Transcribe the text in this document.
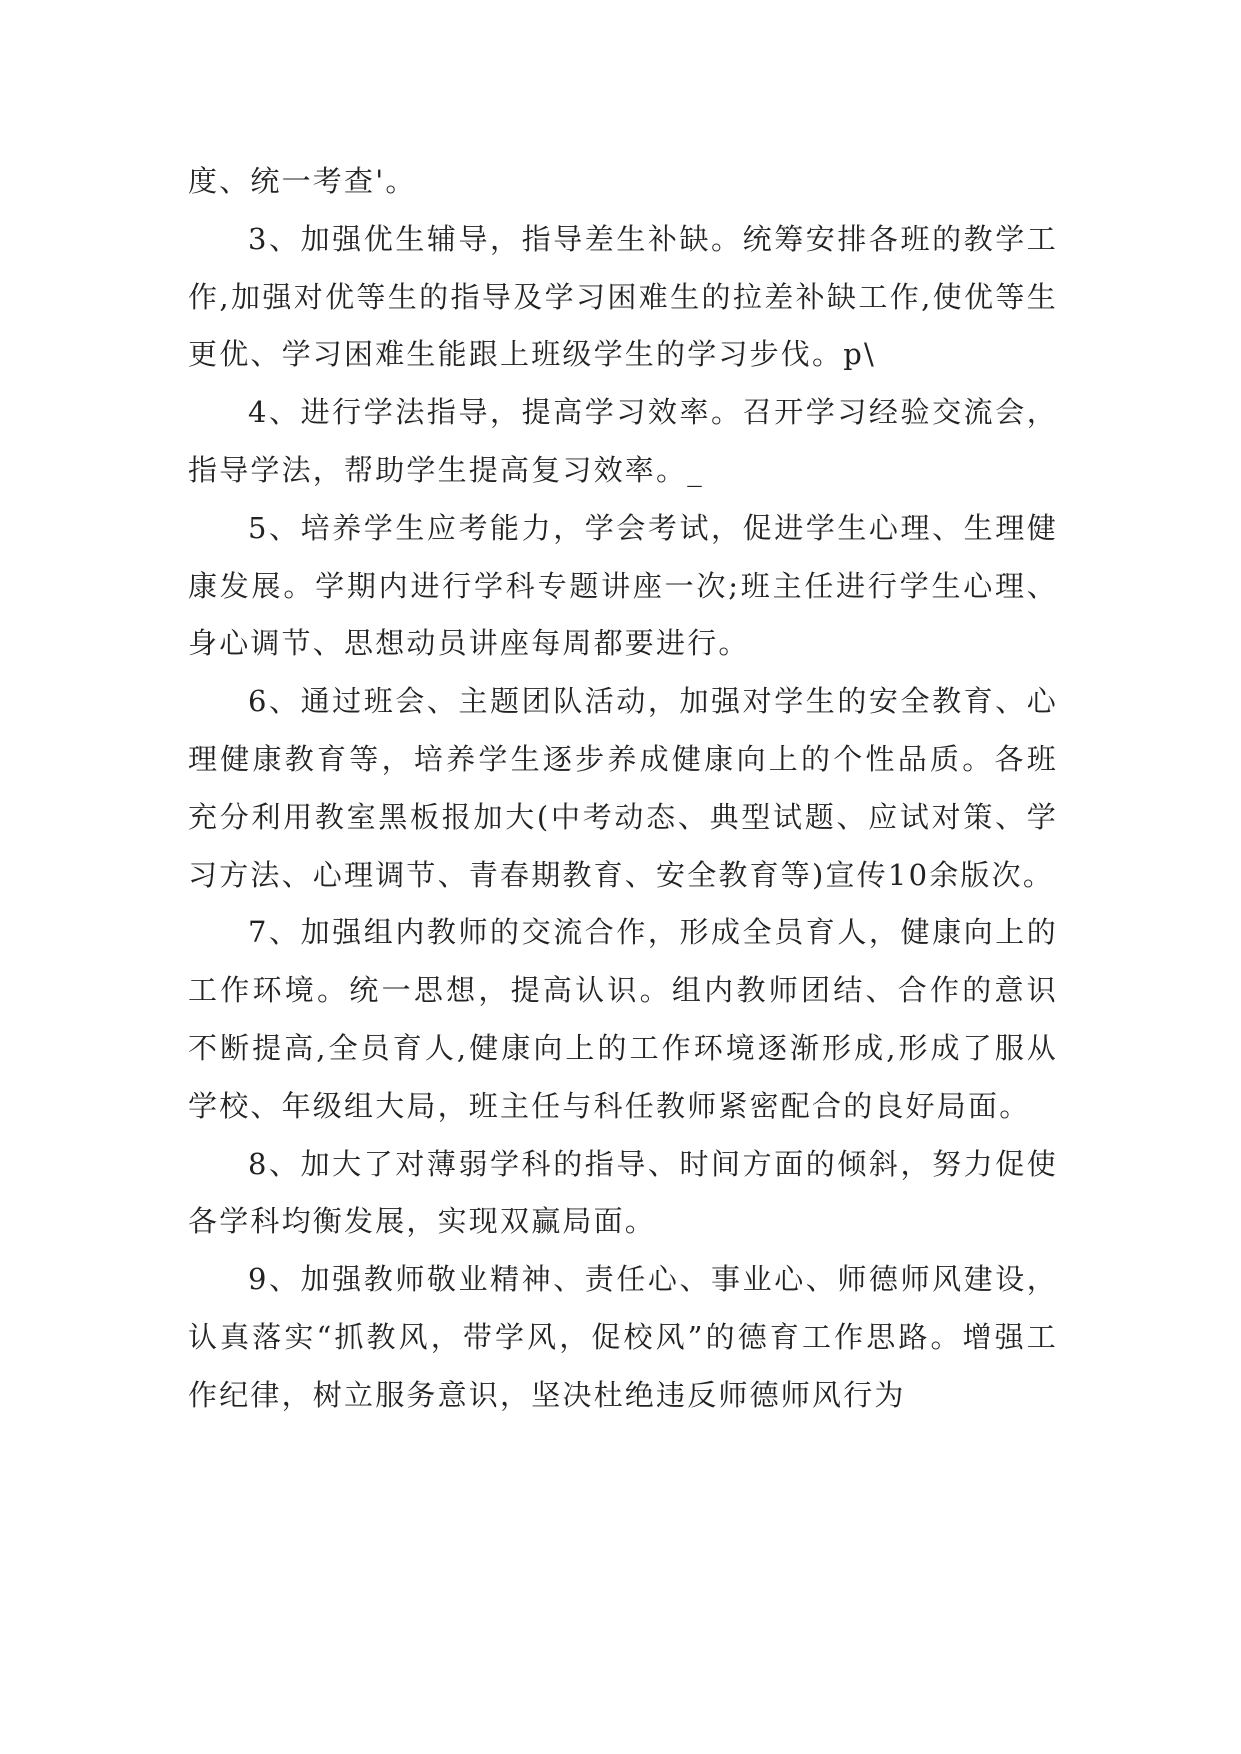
度、统一考查'。

3、加强优生辅导，指导差生补缺。统筹安排各班的教学工作,加强对优等生的指导及学习困难生的拉差补缺工作,使优等生更优、学习困难生能跟上班级学生的学习步伐。p\

4、进行学法指导，提高学习效率。召开学习经验交流会，指导学法，帮助学生提高复习效率。_

5、培养学生应考能力，学会考试，促进学生心理、生理健康发展。学期内进行学科专题讲座一次;班主任进行学生心理、身心调节、思想动员讲座每周都要进行。

6、通过班会、主题团队活动，加强对学生的安全教育、心理健康教育等，培养学生逐步养成健康向上的个性品质。各班充分利用教室黑板报加大(中考动态、典型试题、应试对策、学习方法、心理调节、青春期教育、安全教育等)宣传10余版次。

7、加强组内教师的交流合作，形成全员育人，健康向上的工作环境。统一思想，提高认识。组内教师团结、合作的意识不断提高,全员育人,健康向上的工作环境逐渐形成,形成了服从学校、年级组大局，班主任与科任教师紧密配合的良好局面。

8、加大了对薄弱学科的指导、时间方面的倾斜，努力促使各学科均衡发展，实现双赢局面。

9、加强教师敬业精神、责任心、事业心、师德师风建设，认真落实“抓教风，带学风，促校风”的德育工作思路。增强工作纪律，树立服务意识，坚决杜绝违反师德师风行为
